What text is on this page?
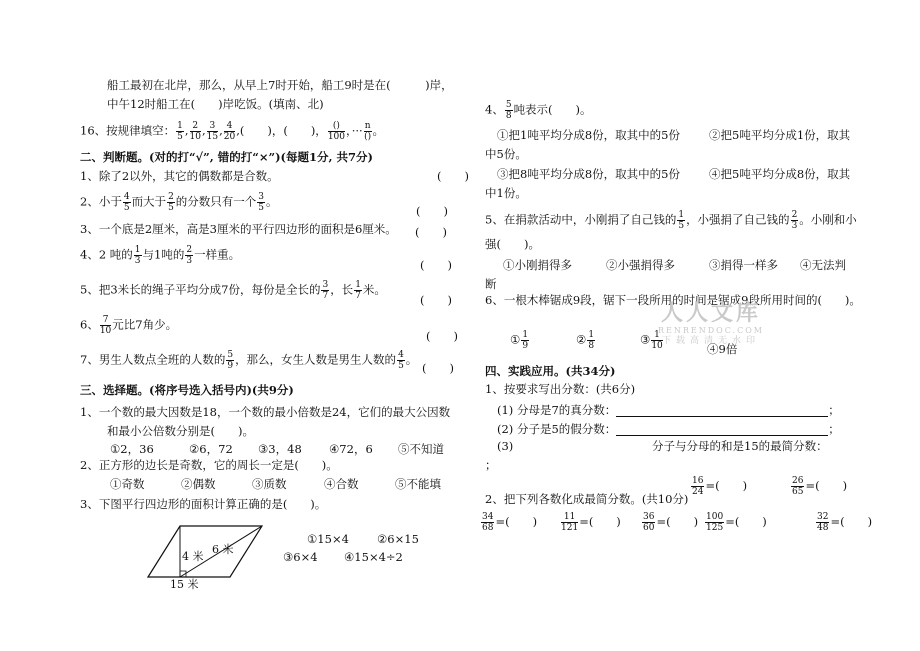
船工最初在北岸，那么，从早上7时开始，船工9时是在(　　　)岸，
中午12时船工在(　　)岸吃饭。(填南、北)
16、按规律填空： $\frac{1}{5}$ , $\frac{2}{10}$ , $\frac{3}{15}$ , $\frac{4}{20}$ ,(　　)，(　　)， ()
100 ，··· n
() 。
二、判断题。(对的打“√”, 错的打“×”)(每题1分, 共7分)
1、除了2以外，其它的偶数都是合数。	(　　)
2、小于 $\frac{4}{5}$ 而大于 $\frac{2}{5}$ 的分数只有一个 $\frac{3}{5}$ 。
(　　)
3、一个底是2厘米，高是3厘米的平行四边形的面积是6厘米。 (　　)
4、2 吨的 $\frac{1}{3}$ 与1吨的 $\frac{2}{3}$ 一样重。
(　　)
5、把3米长的绳子平均分成7份，每份是全长的 $\frac{3}{7}$ ，长 $\frac{1}{7}$ 米。
(　　)
6、 $\frac{7}{10}$ 元比7角少。
(　　)
7、男生人数点全班的人数的 $\frac{5}{9}$ ，那么，女生人数是男生人数的 $\frac{4}{5}$ 。
(　　)
三、选择题。(将序号选入括号内)(共9分)
1、一个数的最大因数是18，一个数的最小倍数是24，它们的最大公因数
和最小公倍数分别是(　　)。
①2，36	②6，72 ③3，48 ④72，6 ⑤不知道
2、正方形的边长是奇数，它的周长一定是(　　)。
①奇数	②偶数	③质数	④合数	⑤不能填
3、下图平行四边形的面积计算正确的是(　　)。
4 米
6 米
15 米
①15×4 ②6×15
③6×4 ④15×4÷2
4、 $\frac{5}{8}$ 吨表示(　　)。
①把1吨平均分成8份，取其中的5份	②把5吨平均分成1份，取其
中5份。
③把8吨平均分成8份，取其中的5份	④把5吨平均分成8份，取其
中1份。
5、在捐款活动中，小刚捐了自己钱的 $\frac{1}{5}$ ，小强捐了自己钱的 $\frac{2}{3}$ 。小刚和小
强(　　)。
①小刚捐得多	②小强捐得多	③捐得一样多 ④无法判
断
6、一根木棒锯成9段，锯下一段所用的时间是锯成9段所用时间的(　　)。
① $\frac{1}{9}$	② $\frac{1}{8}$	③ $\frac{1}{10}$	④9倍
人人文库
RENRENDOC.COM
下载高清无水印
四、实践应用。(共34分)
1、按要求写出分数：(共6分)
(1) 分母是7的真分数：	；
(2) 分子是5的假分数：	；
(3)	分子与分母的和是15的最简分数：
；
2、把下列各数化成最简分数。(共10分)
$\frac{16}{24}$ =(　　)	$\frac{26}{65}$ =(　　)
$\frac{34}{68}$ =(　　)	$\frac{11}{121}$ =(　　) $\frac{36}{60}$ =(　　) $\frac{100}{125}$ =(　　)	$\frac{32}{48}$ =(　　)
